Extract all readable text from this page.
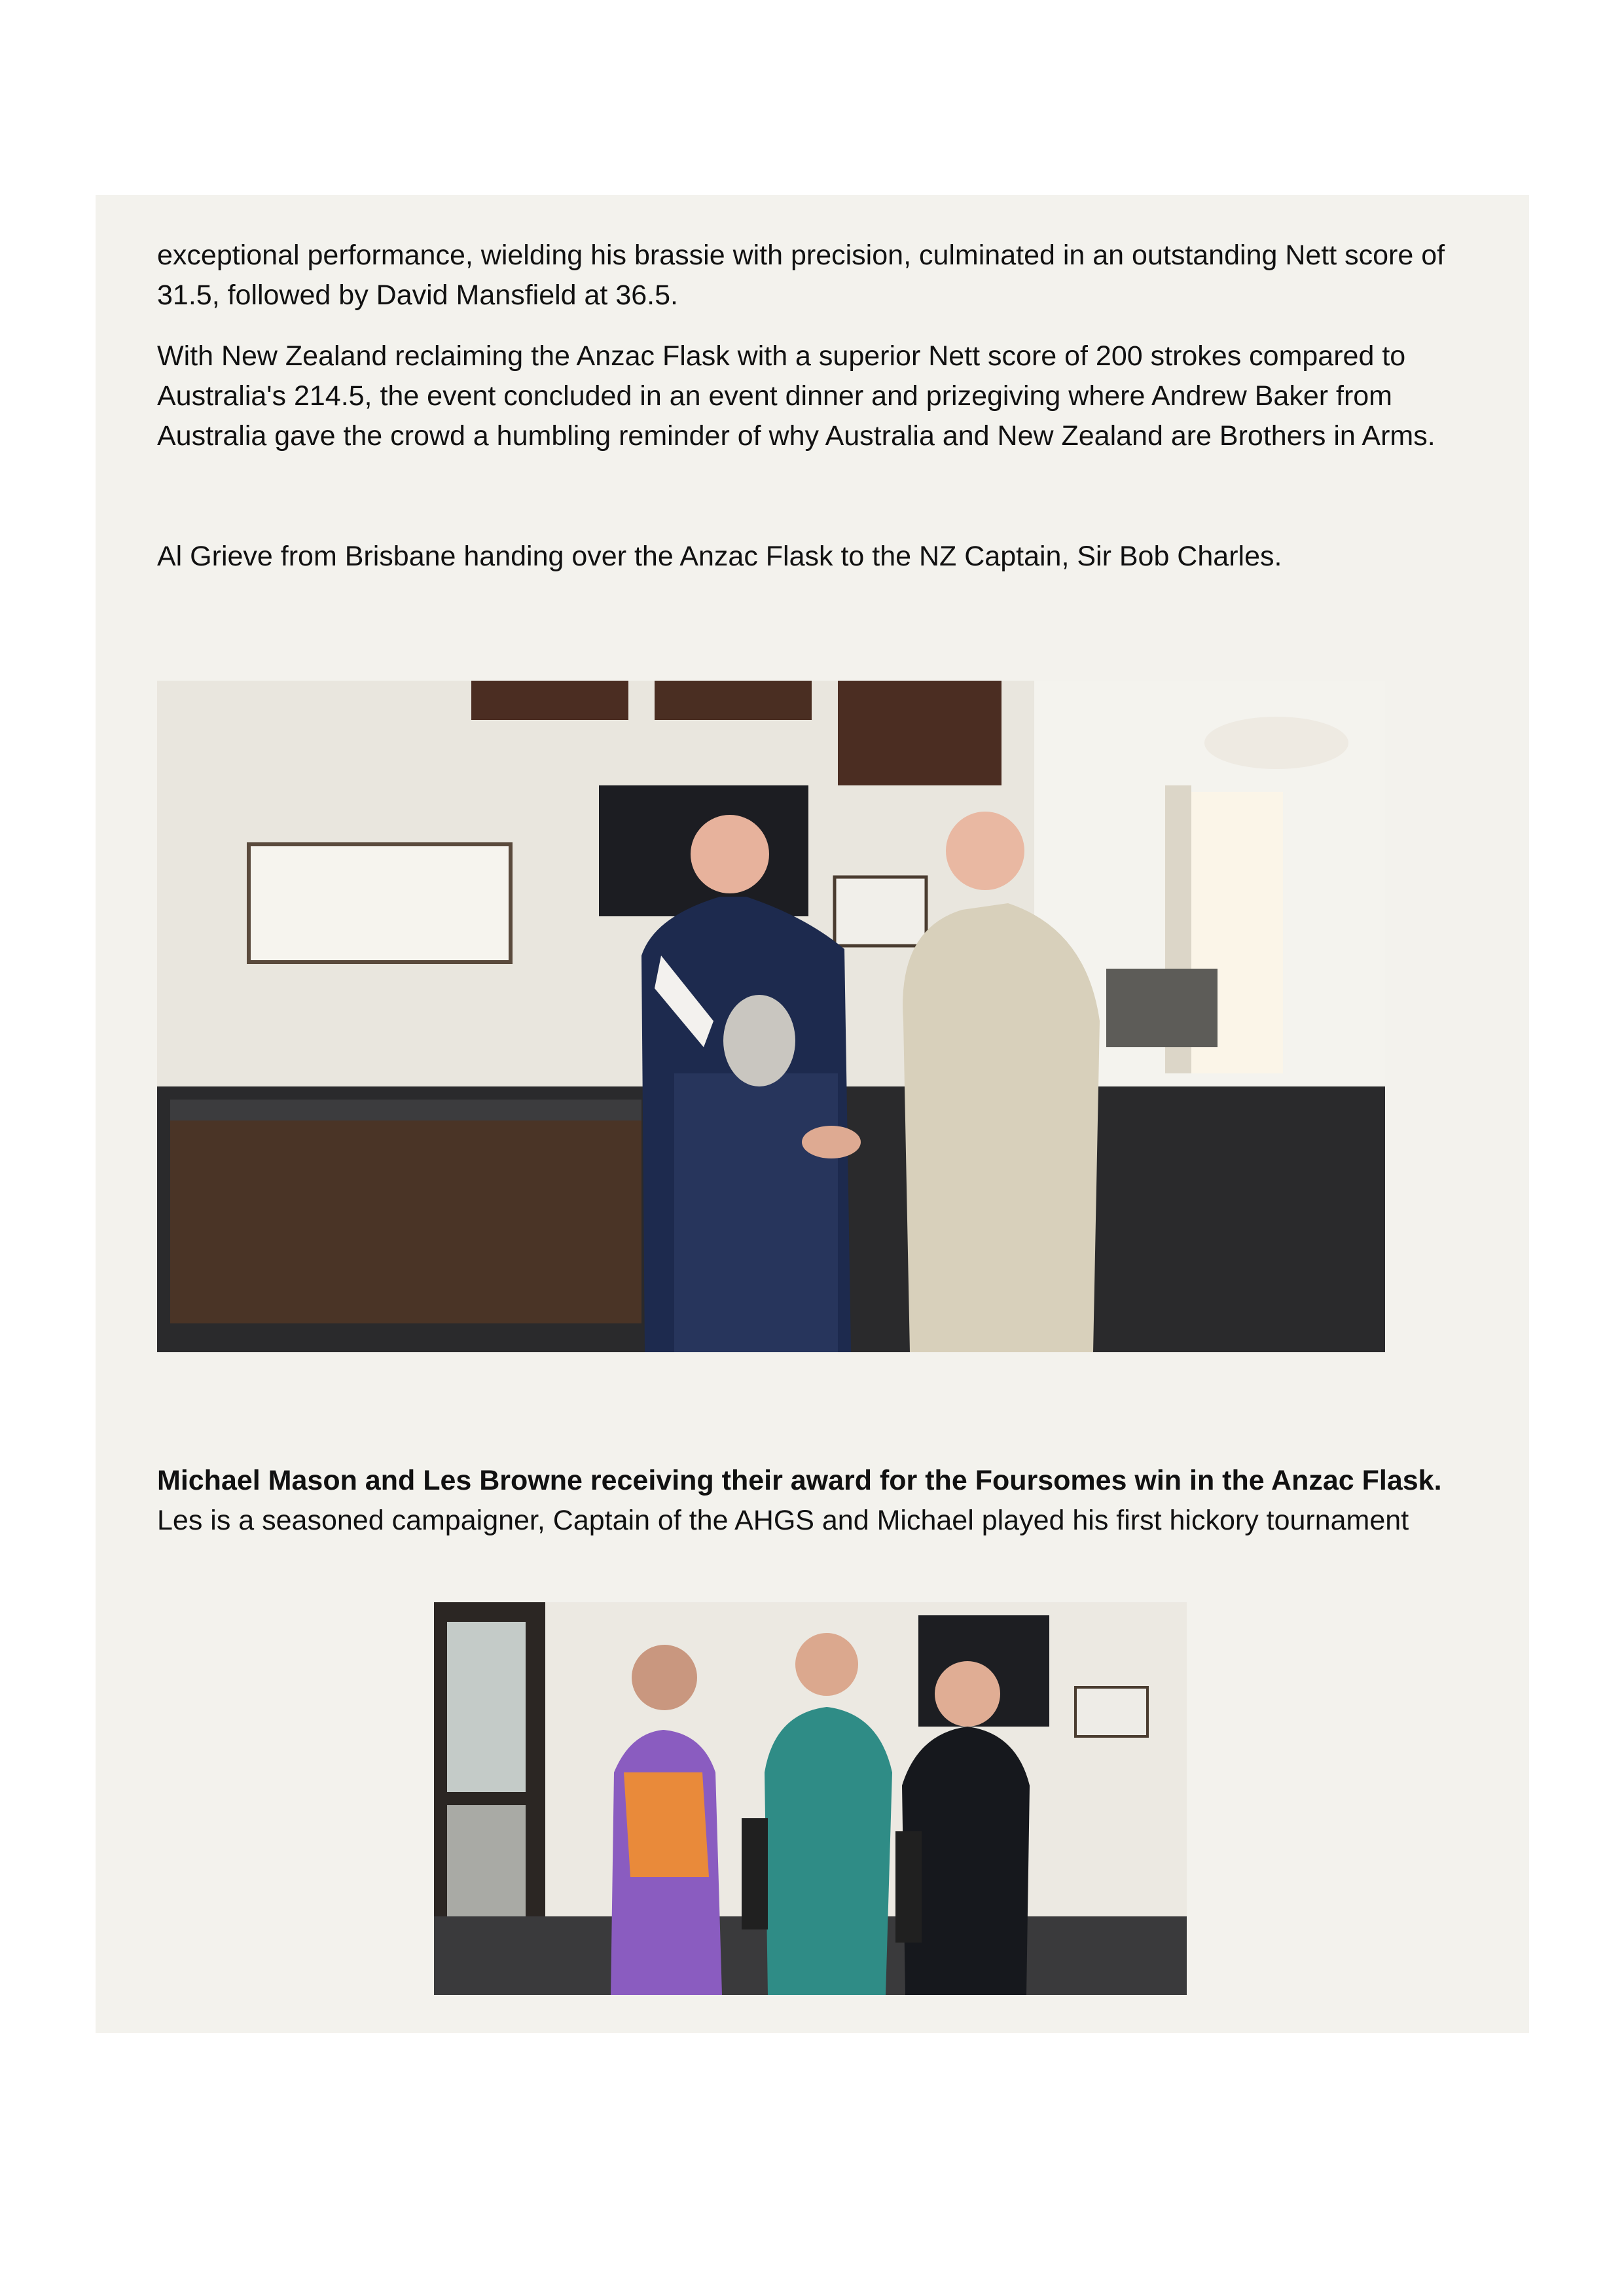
exceptional performance, wielding his brassie with precision, culminated in an outstanding Nett score of 31.5, followed by David Mansfield at 36.5.

With New Zealand reclaiming the Anzac Flask with a superior Nett score of 200 strokes compared to Australia's 214.5, the event concluded in an event dinner and prizegiving where Andrew Baker from Australia gave the crowd a humbling reminder of why Australia and New Zealand are Brothers in Arms.

Al Grieve from Brisbane handing over the Anzac Flask to the NZ Captain, Sir Bob Charles.

Michael Mason and Les Browne receiving their award for the Foursomes win in the Anzac Flask.

Les is a seasoned campaigner, Captain of the AHGS and Michael played his first hickory tournament
